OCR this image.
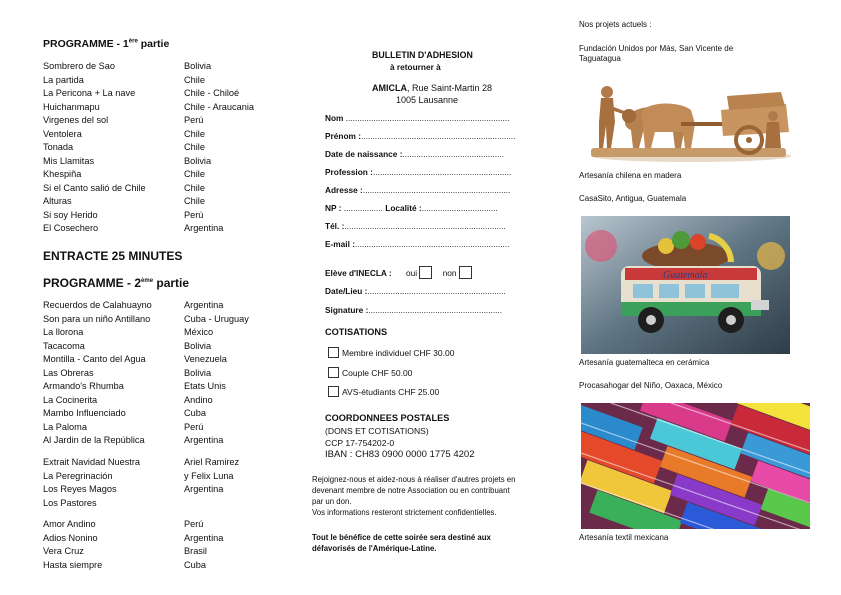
PROGRAMME - 1ère partie
Sombrero de Sao	Bolivia
La partida	Chile
La Pericona + La nave	Chile - Chiloé
Huichanmapu	Chile - Araucania
Virgenes del sol	Perú
Ventolera	Chile
Tonada	Chile
Mis Llamitas	Bolivia
Khespiña	Chile
Si el Canto salió de Chile	Chile
Alturas	Chile
Si soy Herido	Perú
El Cosechero	Argentina
ENTRACTE 25 MINUTES
PROGRAMME - 2ème partie
Recuerdos de Calahuayno	Argentina
Son para un niño Antillano	Cuba - Uruguay
La llorona	México
Tacacoma	Bolivia
Montilla - Canto del Agua	Venezuela
Las Obreras	Bolivia
Armando's Rhumba	Etats Unis
La Cocinerita	Andino
Mambo Influenciado	Cuba
La Paloma	Perú
Al Jardin de la República	Argentina
Extrait Navidad Nuestra	Ariel Ramirez
La Peregrinación	y Felix Luna
Los Reyes Magos	Argentina
Los Pastores
Amor Andino	Perú
Adios Nonino	Argentina
Vera Cruz	Brasil
Hasta siempre	Cuba
BULLETIN D'ADHESION
à retourner à
AMICLA, Rue Saint-Martin 28
1005 Lausanne
Nom .......................................................................
Prénom :...................................................................
Date de naissance :............................................
Profession :............................................................
Adresse :................................................................
NP : ................. Localité :.................................
Tél. :......................................................................
E-mail :...................................................................
Elève d'INECLA : oui	non
Date/Lieu :............................................................
Signature :..........................................................
COTISATIONS
Membre individuel CHF 30.00
Couple CHF 50.00
AVS-étudiants CHF 25.00
COORDONNEES POSTALES
(DONS ET COTISATIONS)
CCP 17-754202-0
IBAN : CH83 0900 0000 1775 4202
Rejoignez-nous et aidez-nous à réaliser d'autres projets en
devenant membre de notre Association ou en contribuant
par un don.
Vos informations resteront strictement confidentielles.
Tout le bénéfice de cette soirée sera destiné aux
défavorisés de l'Amérique-Latine.
Nos projets actuels :
Fundación Unidos por Más, San Vicente de
Taguatagua
Artesanía chilena en madera
CasaSito, Antigua, Guatemala
Guatemala
Artesanía guatemalteca en cerámica
Procasahogar del Niño, Oaxaca, México
Artesanía textil mexicana
